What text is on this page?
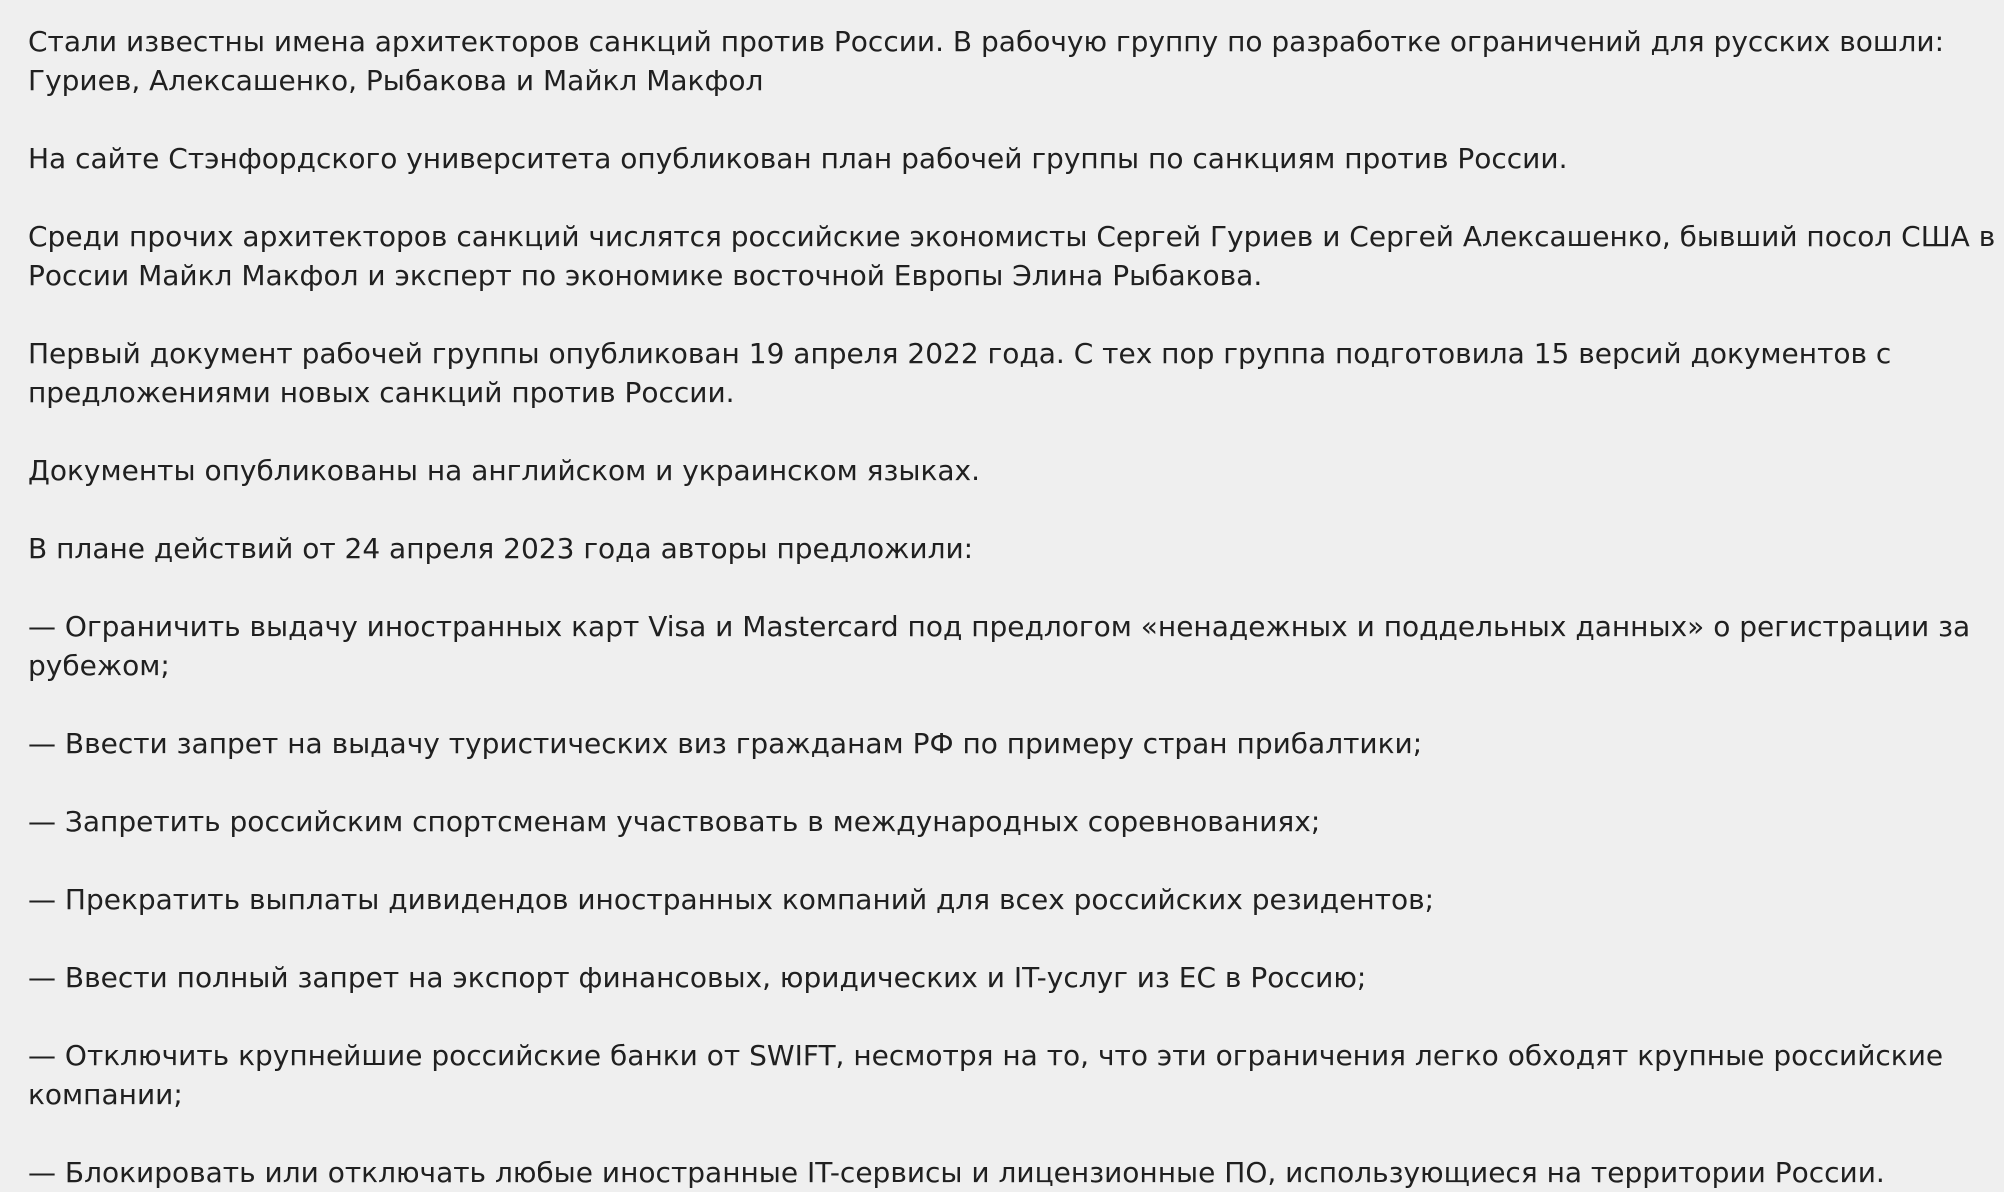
Стали известны имена архитекторов санкций против России. В рабочую группу по разработке ограничений для русских вошли: Гуриев, Алексашенко, Рыбакова и Майкл Макфол

На сайте Стэнфордского университета опубликован план рабочей группы по санкциям против России.

Среди прочих архитекторов санкций числятся российские экономисты Сергей Гуриев и Сергей Алексашенко, бывший посол США в России Майкл Макфол и эксперт по экономике восточной Европы Элина Рыбакова.

Первый документ рабочей группы опубликован 19 апреля 2022 года. С тех пор группа подготовила 15 версий документов с предложениями новых санкций против России.

Документы опубликованы на английском и украинском языках.

В плане действий от 24 апреля 2023 года авторы предложили:

— Ограничить выдачу иностранных карт Visa и Mastercard под предлогом «ненадежных и поддельных данных» о регистрации за рубежом;

— Ввести запрет на выдачу туристических виз гражданам РФ по примеру стран прибалтики;

— Запретить российским спортсменам участвовать в международных соревнованиях;

— Прекратить выплаты дивидендов иностранных компаний для всех российских резидентов;

— Ввести полный запрет на экспорт финансовых, юридических и IT-услуг из ЕС в Россию;

— Отключить крупнейшие российские банки от SWIFT, несмотря на то, что эти ограничения легко обходят крупные российские компании;

— Блокировать или отключать любые иностранные IT-сервисы и лицензионные ПО, использующиеся на территории России.
